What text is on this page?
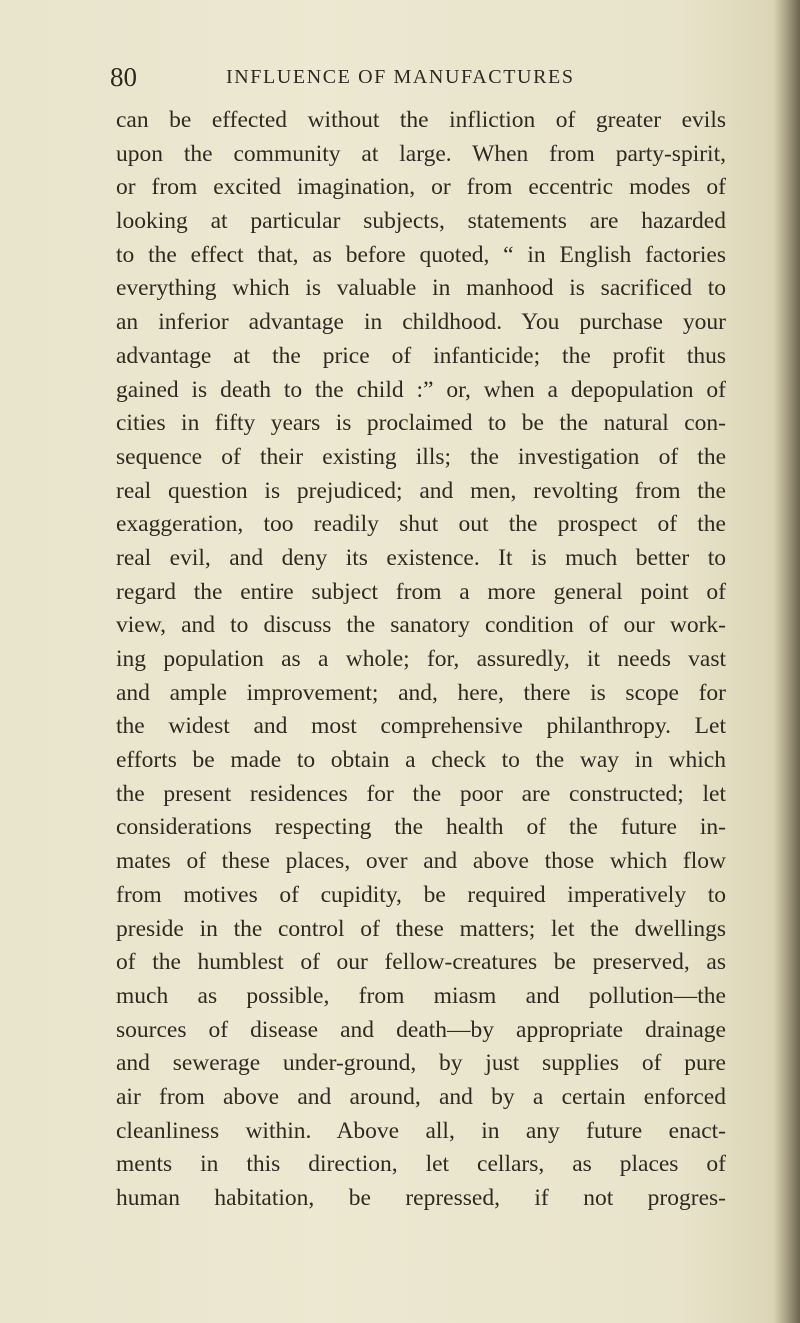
80	INFLUENCE OF MANUFACTURES
can be effected without the infliction of greater evils
upon the community at large. When from party-spirit,
or from excited imagination, or from eccentric modes of
looking at particular subjects, statements are hazarded
to the effect that, as before quoted, “ in English factories
everything which is valuable in manhood is sacrificed to
an inferior advantage in childhood. You purchase your
advantage at the price of infanticide; the profit thus
gained is death to the child :” or, when a depopulation of
cities in fifty years is proclaimed to be the natural con-
sequence of their existing ills; the investigation of the
real question is prejudiced; and men, revolting from the
exaggeration, too readily shut out the prospect of the
real evil, and deny its existence. It is much better to
regard the entire subject from a more general point of
view, and to discuss the sanatory condition of our work-
ing population as a whole; for, assuredly, it needs vast
and ample improvement; and, here, there is scope for
the widest and most comprehensive philanthropy. Let
efforts be made to obtain a check to the way in which
the present residences for the poor are constructed; let
considerations respecting the health of the future in-
mates of these places, over and above those which flow
from motives of cupidity, be required imperatively to
preside in the control of these matters; let the dwellings
of the humblest of our fellow-creatures be preserved, as
much as possible, from miasm and pollution—the
sources of disease and death—by appropriate drainage
and sewerage under-ground, by just supplies of pure
air from above and around, and by a certain enforced
cleanliness within. Above all, in any future enact-
ments in this direction, let cellars, as places of
human habitation, be repressed, if not progres-
